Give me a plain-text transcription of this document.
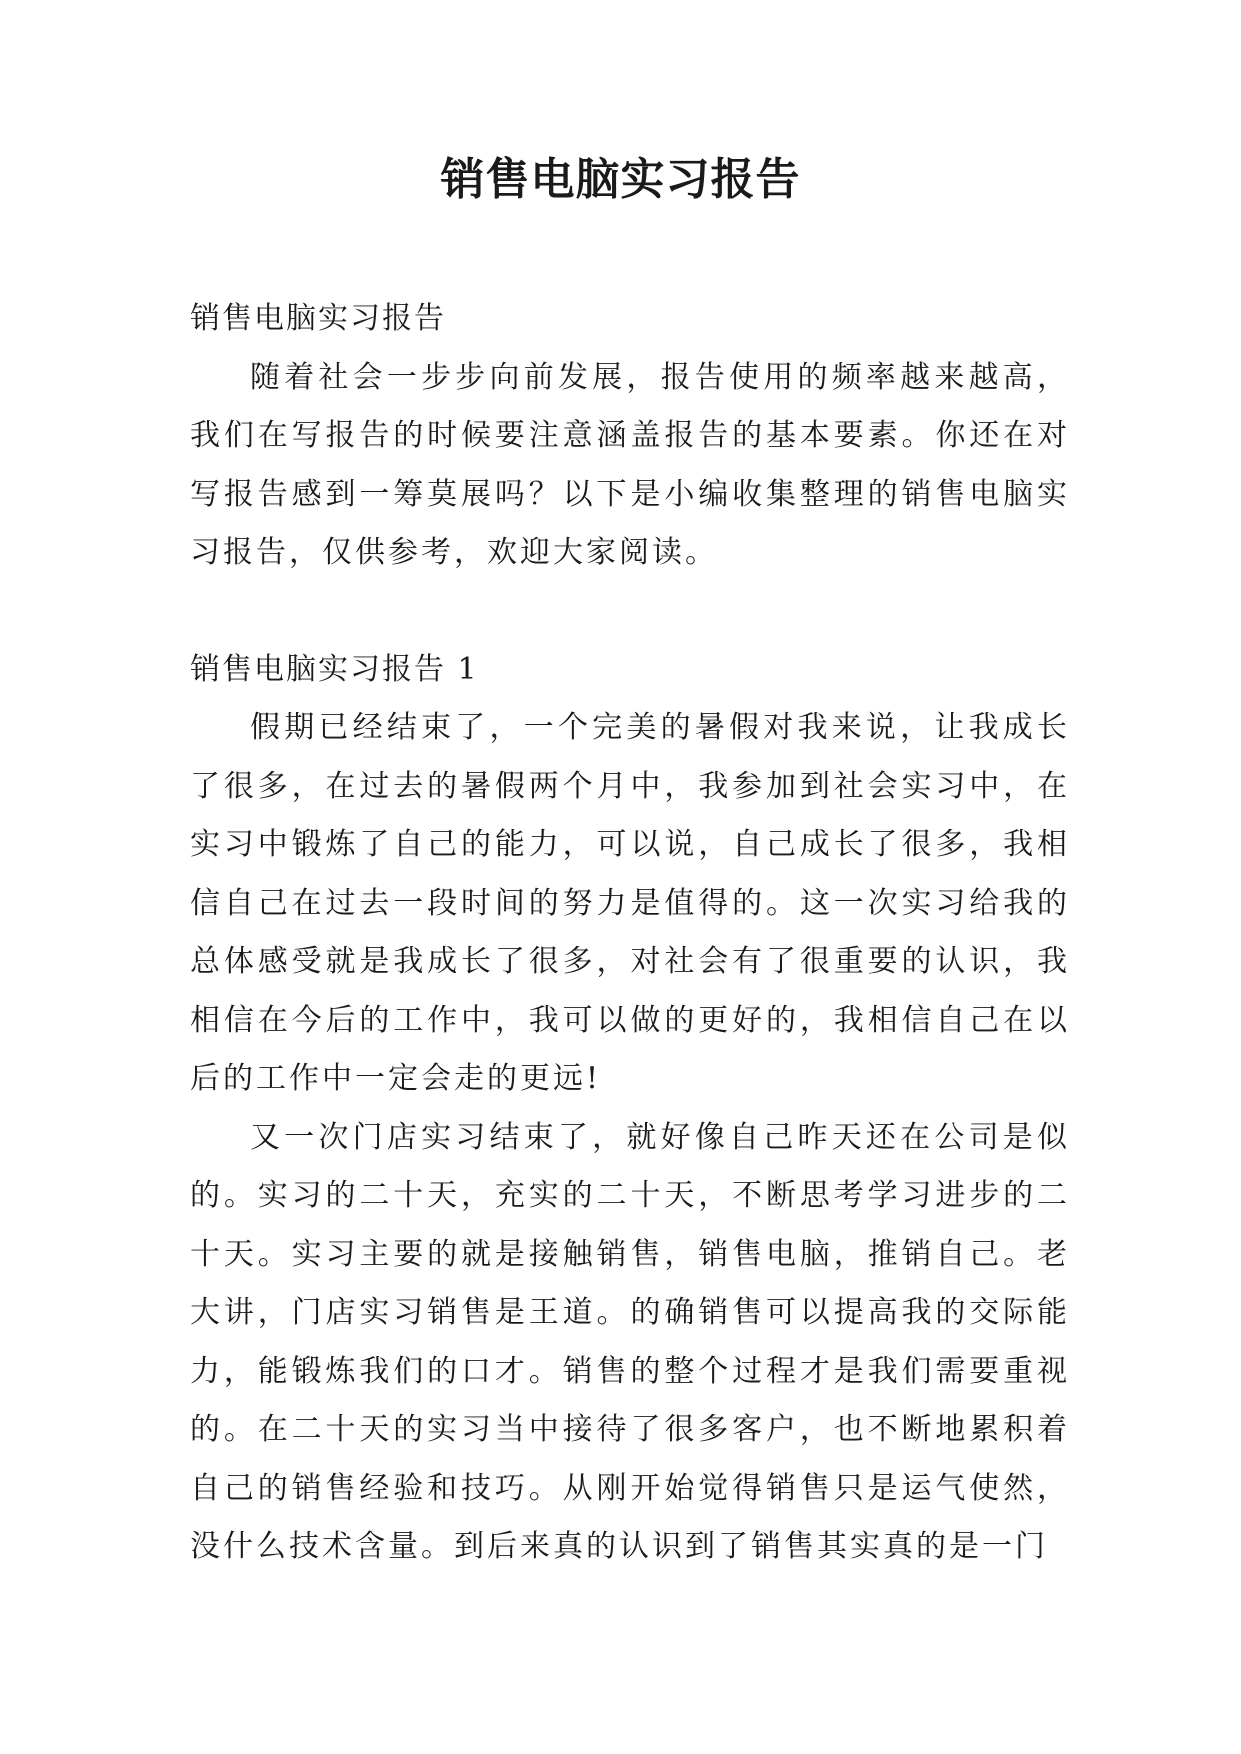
销售电脑实习报告

销售电脑实习报告

随着社会一步步向前发展，报告使用的频率越来越高，我们在写报告的时候要注意涵盖报告的基本要素。你还在对写报告感到一筹莫展吗？以下是小编收集整理的销售电脑实习报告，仅供参考，欢迎大家阅读。

销售电脑实习报告 1

假期已经结束了，一个完美的暑假对我来说，让我成长了很多，在过去的暑假两个月中，我参加到社会实习中，在实习中锻炼了自己的能力，可以说，自己成长了很多，我相信自己在过去一段时间的努力是值得的。这一次实习给我的总体感受就是我成长了很多，对社会有了很重要的认识，我相信在今后的工作中，我可以做的更好的，我相信自己在以后的工作中一定会走的更远!

又一次门店实习结束了，就好像自己昨天还在公司是似的。实习的二十天，充实的二十天，不断思考学习进步的二十天。实习主要的就是接触销售，销售电脑，推销自己。老大讲，门店实习销售是王道。的确销售可以提高我的交际能力，能锻炼我们的口才。销售的整个过程才是我们需要重视的。在二十天的实习当中接待了很多客户，也不断地累积着自己的销售经验和技巧。从刚开始觉得销售只是运气使然，没什么技术含量。到后来真的认识到了销售其实真的是一门
